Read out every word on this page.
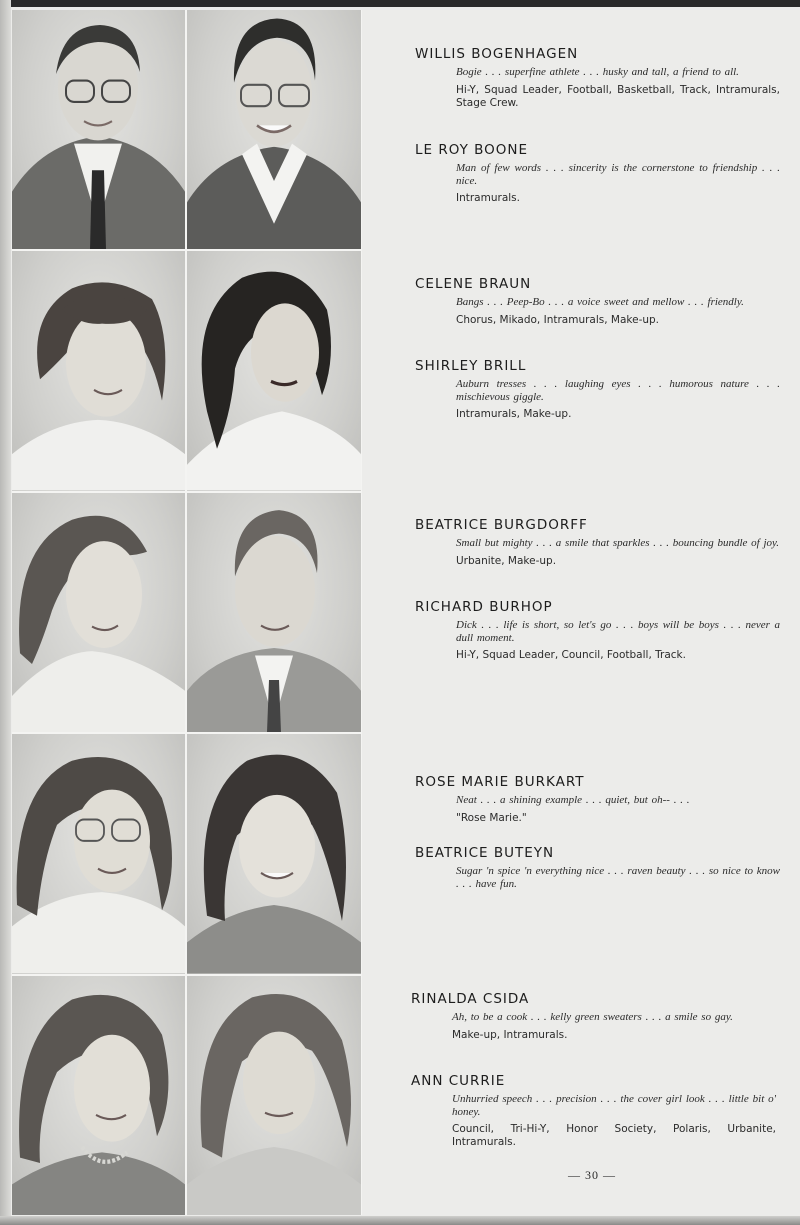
WILLIS BOGENHAGEN
Bogie . . . superfine athlete . . . husky and tall, a friend to all.
Hi-Y, Squad Leader, Football, Basketball, Track, Intramurals, Stage Crew.
LE ROY BOONE
Man of few words . . . sincerity is the cornerstone to friendship . . . nice.
Intramurals.
CELENE BRAUN
Bangs . . . Peep-Bo . . . a voice sweet and mellow . . . friendly.
Chorus, Mikado, Intramurals, Make-up.
SHIRLEY BRILL
Auburn tresses . . . laughing eyes . . . humorous nature . . . mischievous giggle.
Intramurals, Make-up.
BEATRICE BURGDORFF
Small but mighty . . . a smile that sparkles . . . bouncing bundle of joy.
Urbanite, Make-up.
RICHARD BURHOP
Dick . . . life is short, so let's go . . . boys will be boys . . . never a dull moment.
Hi-Y, Squad Leader, Council, Football, Track.
ROSE MARIE BURKART
Neat . . . a shining example . . . quiet, but oh-- . . .
"Rose Marie."
BEATRICE BUTEYN
Sugar 'n spice 'n everything nice . . . raven beauty . . . so nice to know . . . have fun.
RINALDA CSIDA
Ah, to be a cook . . . kelly green sweaters . . . a smile so gay.
Make-up, Intramurals.
ANN CURRIE
Unhurried speech . . . precision . . . the cover girl look . . . little bit o' honey.
Council, Tri-Hi-Y, Honor Society, Polaris, Urbanite, Intramurals.
— 30 —
